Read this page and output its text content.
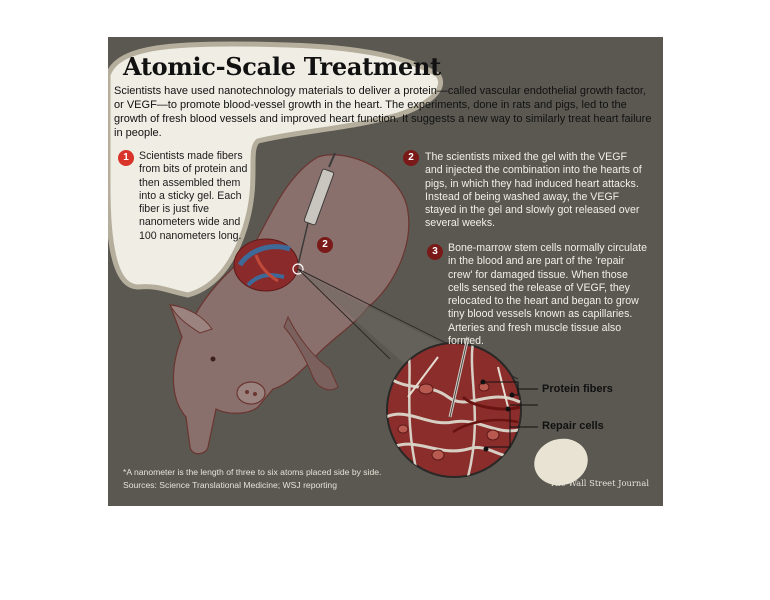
Atomic-Scale Treatment
Scientists have used nanotechnology materials to deliver a protein—called vascular endothelial growth factor, or VEGF—to promote blood-vessel growth in the heart. The experiments, done in rats and pigs, led to the growth of fresh blood vessels and improved heart function. It suggests a new way to similarly treat heart failure in people.
1 Scientists made fibers from bits of protein and then assembled them into a sticky gel. Each fiber is just five nanometers wide and 100 nanometers long.
2	The scientists mixed the gel with the VEGF and injected the combination into the hearts of pigs, in which they had induced heart attacks. Instead of being washed away, the VEGF stayed in the gel and slowly got released over several weeks.
3 Bone-marrow stem cells normally circulate in the blood and are part of the 'repair crew' for damaged tissue. When those cells sensed the release of VEGF, they relocated to the heart and began to grow tiny blood vessels known as capillaries. Arteries and fresh muscle tissue also formed.
2
Protein fibers
Repair cells
*A nanometer is the length of three to six atoms placed side by side.
Sources: Science Translational Medicine; WSJ reporting	The Wall Street Journal
